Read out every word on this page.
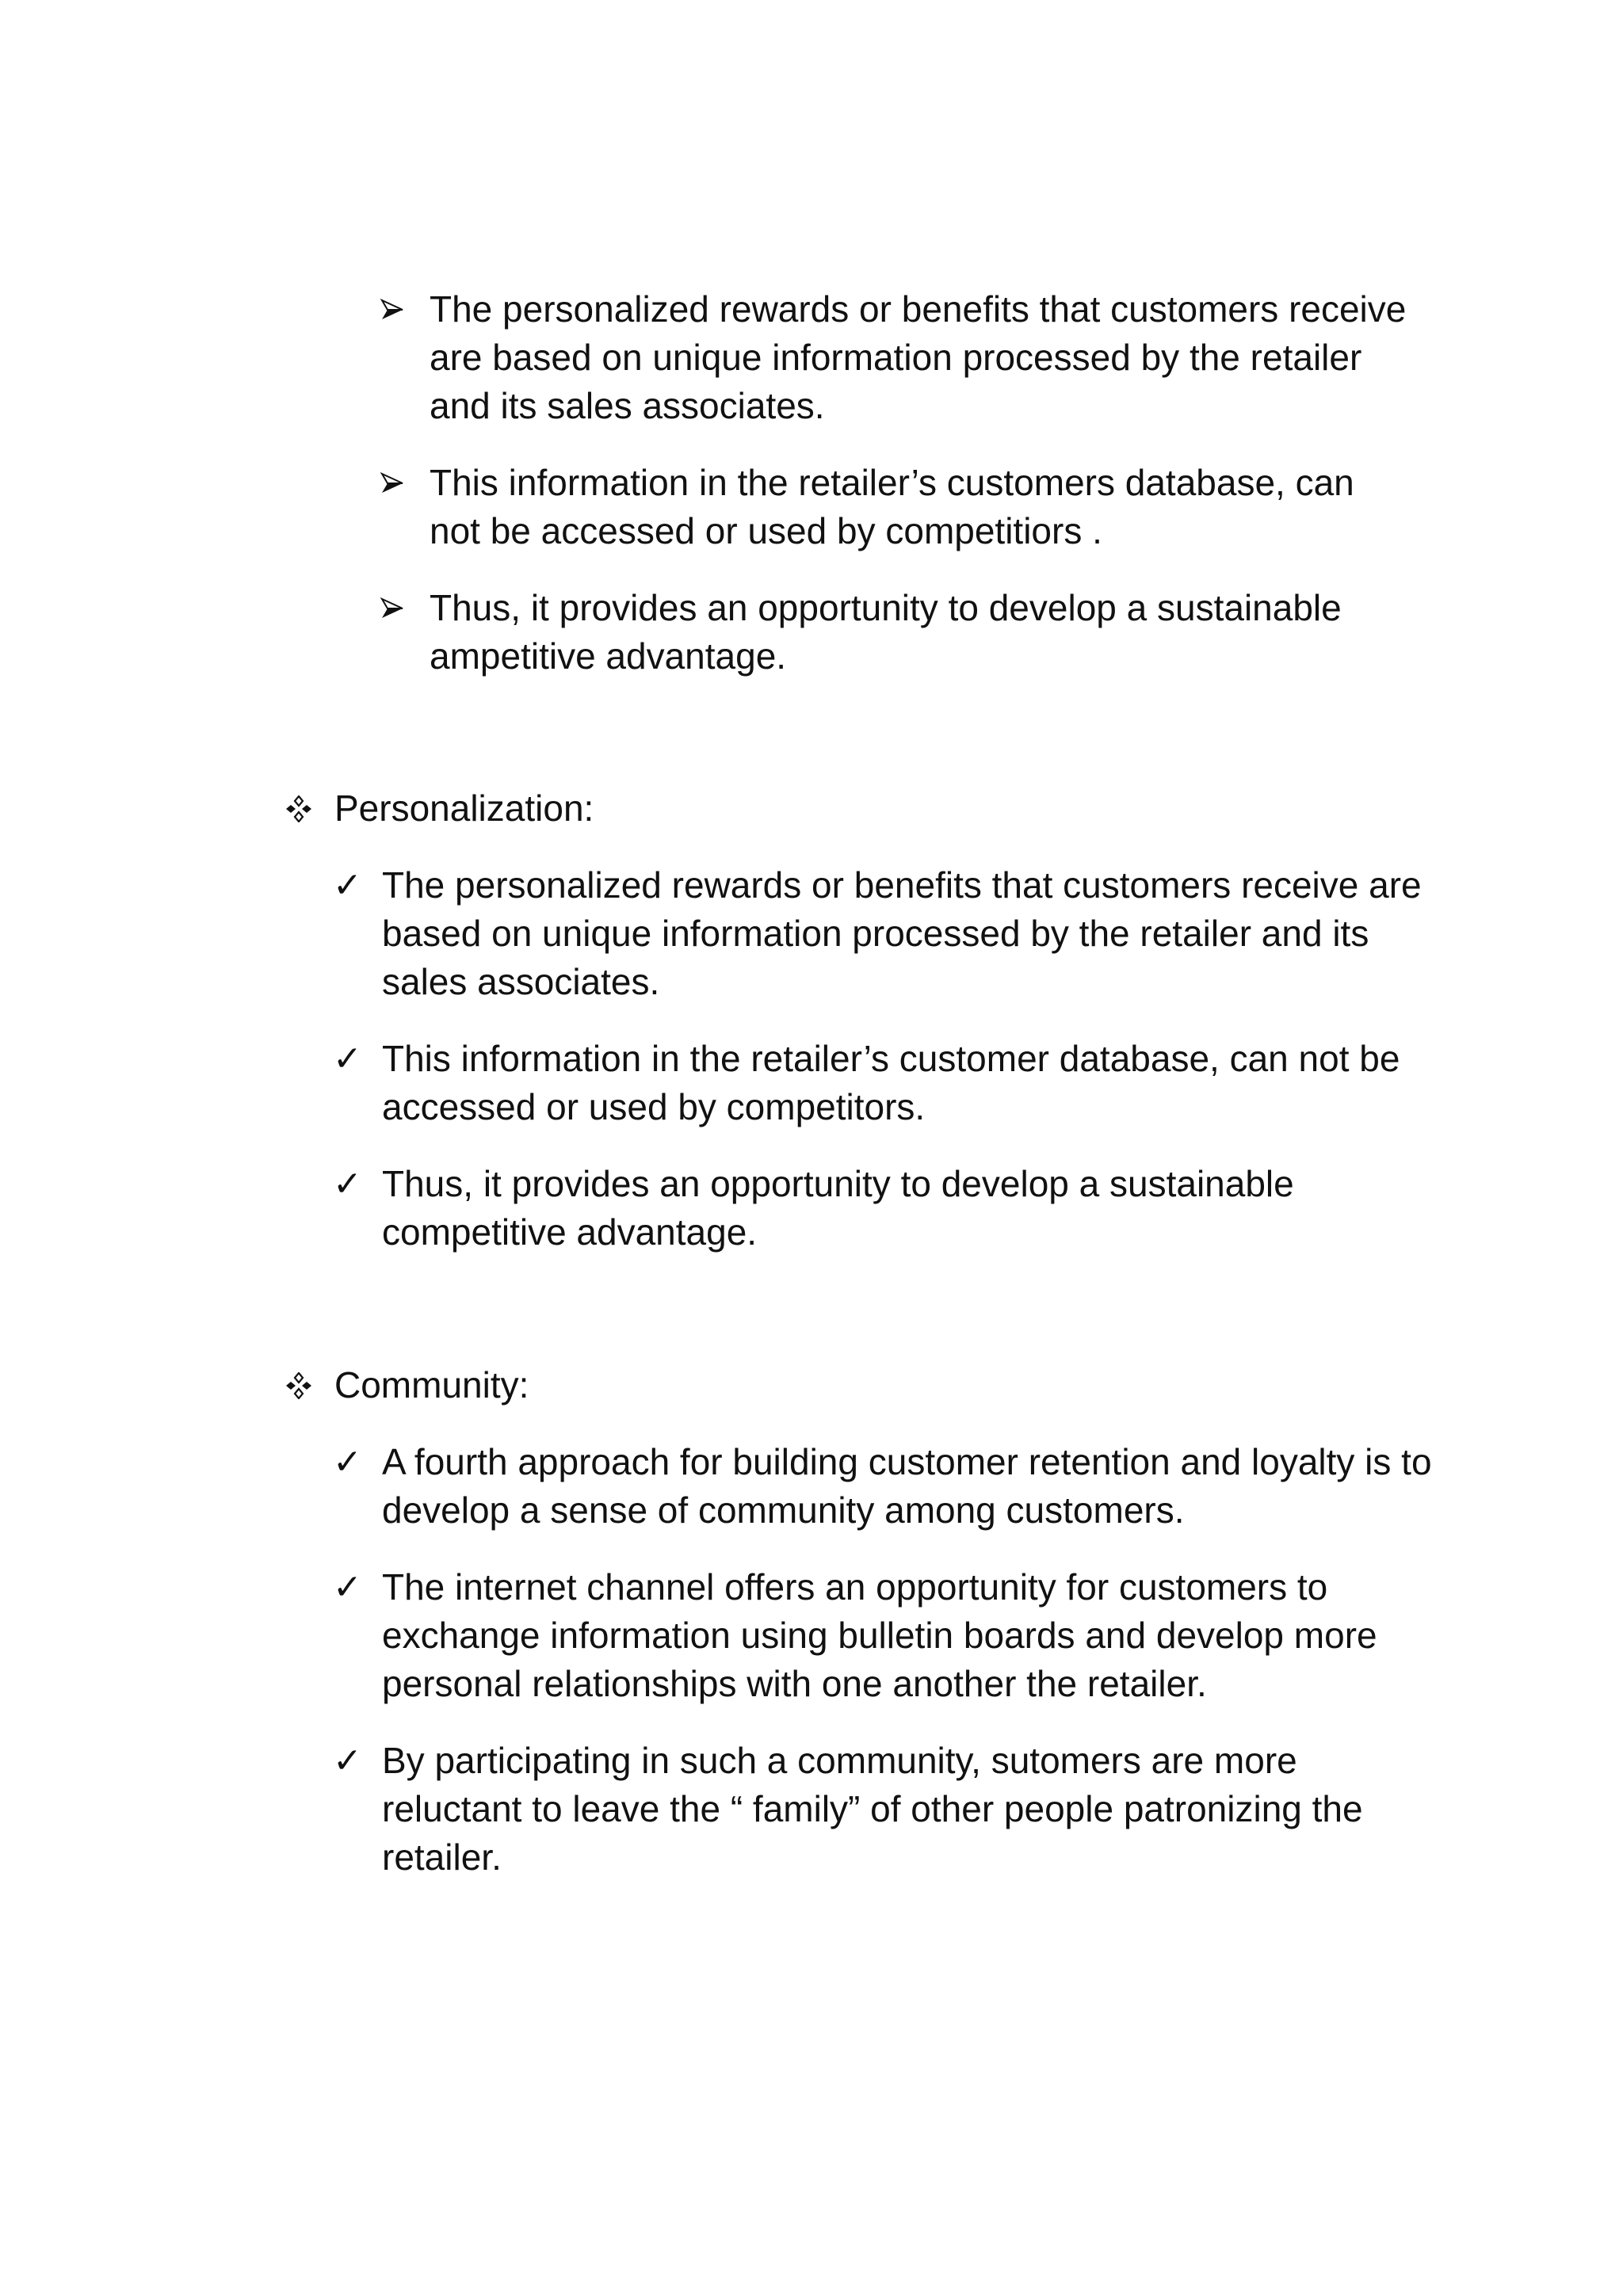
The personalized rewards or benefits that customers receive are based on unique information processed by the retailer and its sales associates.
This information in the retailer’s customers database, can not be accessed or used by competitiors .
Thus, it provides an opportunity to develop a sustainable ampetitive advantage.
Personalization:
✓ The personalized rewards or benefits that customers receive are based on unique information processed by the retailer and its sales associates.
✓ This information in the retailer’s customer database, can not be accessed or used by competitors.
✓ Thus, it provides an opportunity to develop a sustainable competitive advantage.
Community:
✓ A fourth approach for building customer retention and loyalty is to develop a sense of community among customers.
✓ The internet channel offers an opportunity for customers to exchange information using bulletin boards and develop more personal relationships with one another the retailer.
✓ By participating in such a community, sutomers are more reluctant to leave the “ family” of other people patronizing the retailer.
